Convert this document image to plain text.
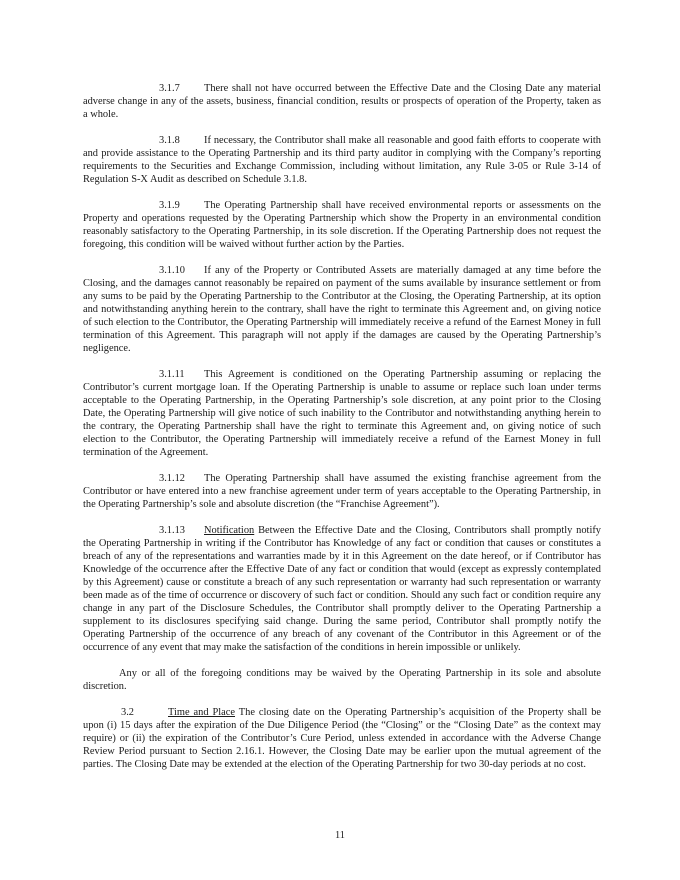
3.1.7 There shall not have occurred between the Effective Date and the Closing Date any material adverse change in any of the assets, business, financial condition, results or prospects of operation of the Property, taken as a whole.

3.1.8 If necessary, the Contributor shall make all reasonable and good faith efforts to cooperate with and provide assistance to the Operating Partnership and its third party auditor in complying with the Company’s reporting requirements to the Securities and Exchange Commission, including without limitation, any Rule 3-05 or Rule 3-14 of Regulation S-X Audit as described on Schedule 3.1.8.

3.1.9 The Operating Partnership shall have received environmental reports or assessments on the Property and operations requested by the Operating Partnership which show the Property in an environmental condition reasonably satisfactory to the Operating Partnership, in its sole discretion. If the Operating Partnership does not request the foregoing, this condition will be waived without further action by the Parties.

3.1.10 If any of the Property or Contributed Assets are materially damaged at any time before the Closing, and the damages cannot reasonably be repaired on payment of the sums available by insurance settlement or from any sums to be paid by the Operating Partnership to the Contributor at the Closing, the Operating Partnership, at its option and notwithstanding anything herein to the contrary, shall have the right to terminate this Agreement and, on giving notice of such election to the Contributor, the Operating Partnership will immediately receive a refund of the Earnest Money in full termination of this Agreement. This paragraph will not apply if the damages are caused by the Operating Partnership’s negligence.

3.1.11 This Agreement is conditioned on the Operating Partnership assuming or replacing the Contributor’s current mortgage loan. If the Operating Partnership is unable to assume or replace such loan under terms acceptable to the Operating Partnership, in the Operating Partnership’s sole discretion, at any point prior to the Closing Date, the Operating Partnership will give notice of such inability to the Contributor and notwithstanding anything herein to the contrary, the Operating Partnership shall have the right to terminate this Agreement and, on giving notice of such election to the Contributor, the Operating Partnership will immediately receive a refund of the Earnest Money in full termination of the Agreement.

3.1.12 The Operating Partnership shall have assumed the existing franchise agreement from the Contributor or have entered into a new franchise agreement under term of years acceptable to the Operating Partnership, in the Operating Partnership’s sole and absolute discretion (the “Franchise Agreement”).

3.1.13 Notification Between the Effective Date and the Closing, Contributors shall promptly notify the Operating Partnership in writing if the Contributor has Knowledge of any fact or condition that causes or constitutes a breach of any of the representations and warranties made by it in this Agreement on the date hereof, or if Contributor has Knowledge of the occurrence after the Effective Date of any fact or condition that would (except as expressly contemplated by this Agreement) cause or constitute a breach of any such representation or warranty had such representation or warranty been made as of the time of occurrence or discovery of such fact or condition. Should any such fact or condition require any change in any part of the Disclosure Schedules, the Contributor shall promptly deliver to the Operating Partnership a supplement to its disclosures specifying said change. During the same period, Contributor shall promptly notify the Operating Partnership of the occurrence of any breach of any covenant of the Contributor in this Agreement or of the occurrence of any event that may make the satisfaction of the conditions in herein impossible or unlikely.

Any or all of the foregoing conditions may be waived by the Operating Partnership in its sole and absolute discretion.

3.2	Time and Place The closing date on the Operating Partnership’s acquisition of the Property shall be upon (i) 15 days after the expiration of the Due Diligence Period (the “Closing” or the “Closing Date” as the context may require) or (ii) the expiration of the Contributor’s Cure Period, unless extended in accordance with the Adverse Change Review Period pursuant to Section 2.16.1. However, the Closing Date may be earlier upon the mutual agreement of the parties. The Closing Date may be extended at the election of the Operating Partnership for two 30-day periods at no cost.

11
